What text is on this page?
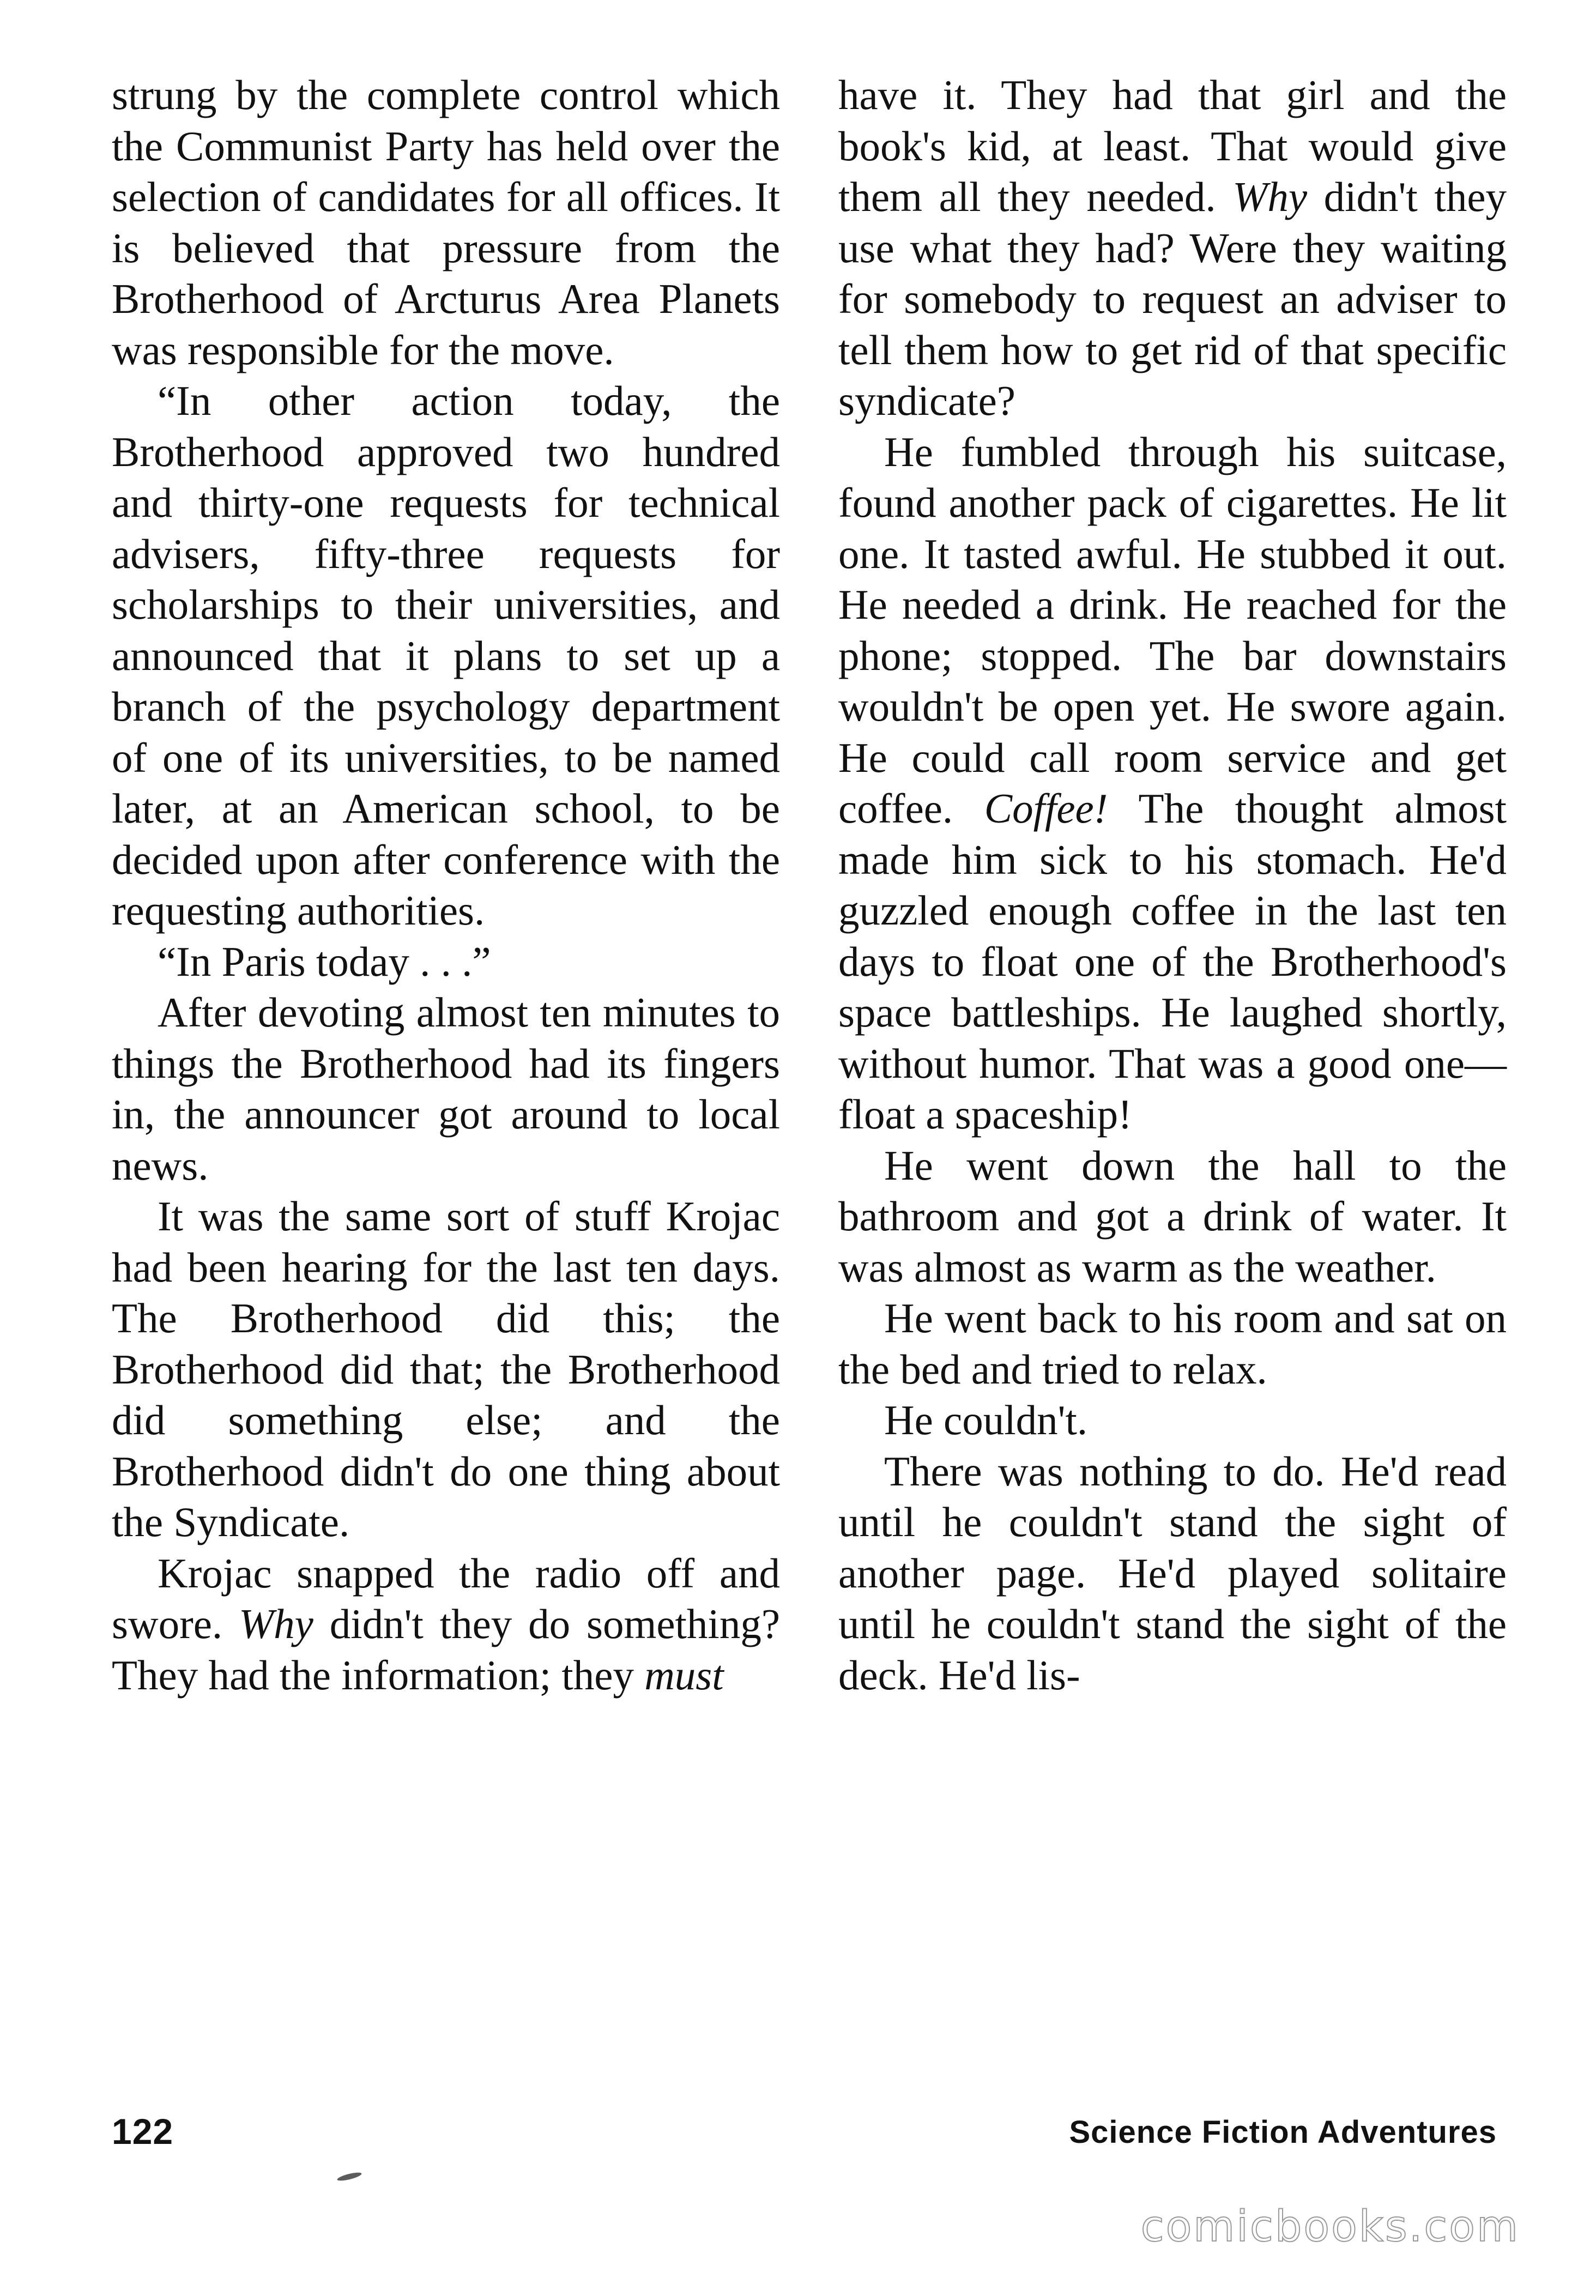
strung by the complete control which the Communist Party has held over the selection of candidates for all offices. It is believed that pressure from the Brotherhood of Arcturus Area Planets was responsible for the move.

“In other action today, the Brotherhood approved two hundred and thirty-one requests for technical advisers, fifty-three requests for scholarships to their universities, and announced that it plans to set up a branch of the psychology department of one of its universities, to be named later, at an American school, to be decided upon after conference with the requesting authorities.

“In Paris today . . .”

After devoting almost ten minutes to things the Brotherhood had its fingers in, the announcer got around to local news.

It was the same sort of stuff Krojac had been hearing for the last ten days. The Brotherhood did this; the Brotherhood did that; the Brotherhood did something else; and the Brotherhood didn't do one thing about the Syndicate.

Krojac snapped the radio off and swore. Why didn't they do something? They had the information; they must

have it. They had that girl and the book's kid, at least. That would give them all they needed. Why didn't they use what they had? Were they waiting for somebody to request an adviser to tell them how to get rid of that specific syndicate?

He fumbled through his suitcase, found another pack of cigarettes. He lit one. It tasted awful. He stubbed it out. He needed a drink. He reached for the phone; stopped. The bar downstairs wouldn't be open yet. He swore again. He could call room service and get coffee. Coffee! The thought almost made him sick to his stomach. He'd guzzled enough coffee in the last ten days to float one of the Brotherhood's space battleships. He laughed shortly, without humor. That was a good one—float a spaceship!

He went down the hall to the bathroom and got a drink of water. It was almost as warm as the weather.

He went back to his room and sat on the bed and tried to relax.

He couldn't.

There was nothing to do. He'd read until he couldn't stand the sight of another page. He'd played solitaire until he couldn't stand the sight of the deck. He'd lis-

122	Science Fiction Adventures
comicbooks.com
